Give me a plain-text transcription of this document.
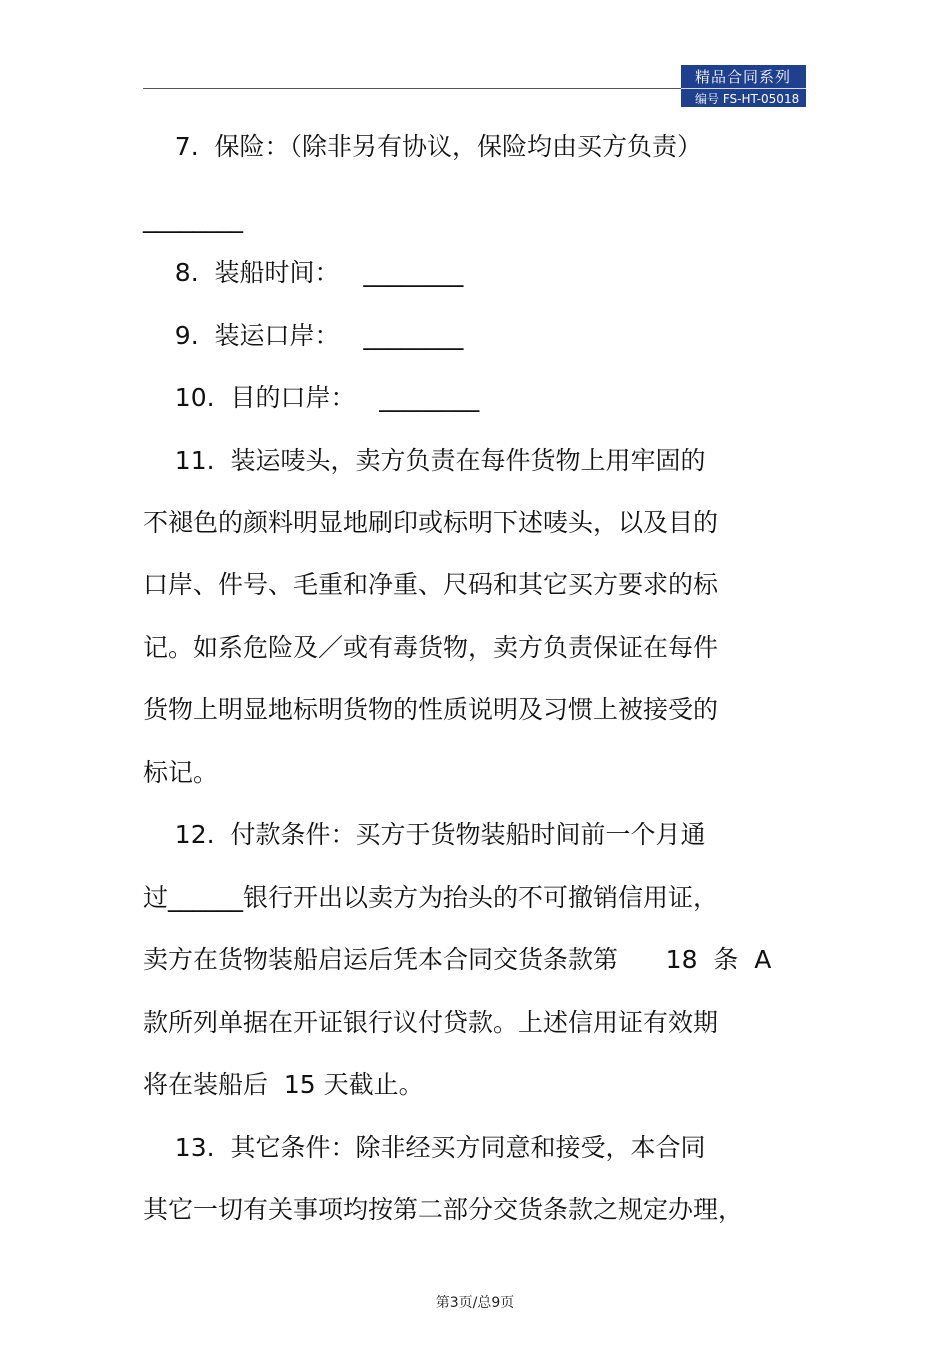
精品合同系列
编号 FS-HT-05018
7.  保险：（除非另有协议，保险均由买方负责）
________
8.  装船时间：   ________
9.  装运口岸：   ________
10.  目的口岸：   ________
11.  装运唛头，卖方负责在每件货物上用牢固的
不褪色的颜料明显地刷印或标明下述唛头，以及目的
口岸、件号、毛重和净重、尺码和其它买方要求的标
记。如系危险及／或有毒货物，卖方负责保证在每件
货物上明显地标明货物的性质说明及习惯上被接受的
标记。
12.  付款条件：买方于货物装船时间前一个月通
过______银行开出以卖方为抬头的不可撤销信用证，
卖方在货物装船启运后凭本合同交货条款第      18  条  A
款所列单据在开证银行议付贷款。上述信用证有效期
将在装船后  15 天截止。
13.  其它条件：除非经买方同意和接受，本合同
其它一切有关事项均按第二部分交货条款之规定办理，
第3页/总9页
